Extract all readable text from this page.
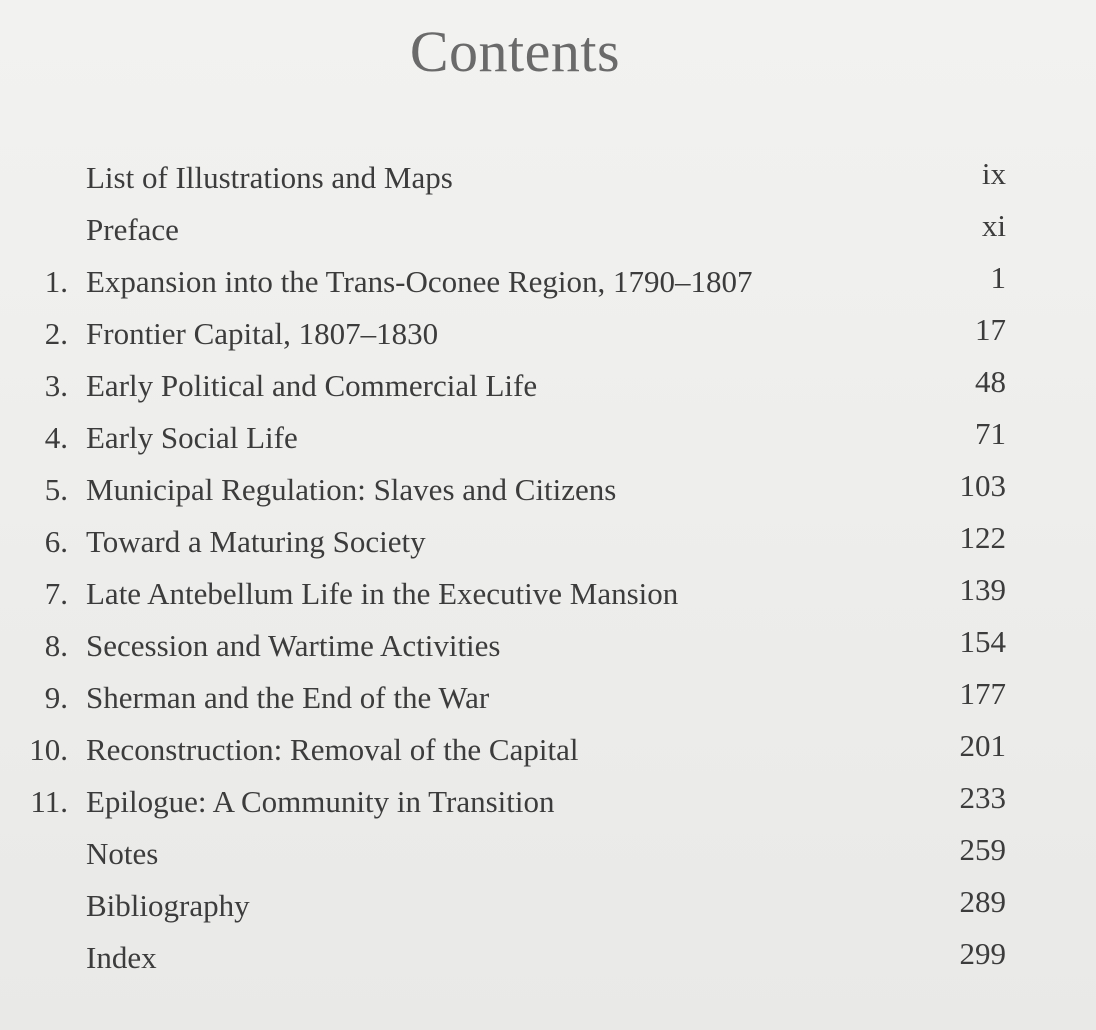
Contents
List of Illustrations and Maps	ix
Preface	xi
1. Expansion into the Trans-Oconee Region, 1790–1807	1
2. Frontier Capital, 1807–1830	17
3. Early Political and Commercial Life	48
4. Early Social Life	71
5. Municipal Regulation: Slaves and Citizens	103
6. Toward a Maturing Society	122
7. Late Antebellum Life in the Executive Mansion	139
8. Secession and Wartime Activities	154
9. Sherman and the End of the War	177
10. Reconstruction: Removal of the Capital	201
11. Epilogue: A Community in Transition	233
Notes	259
Bibliography	289
Index	299
